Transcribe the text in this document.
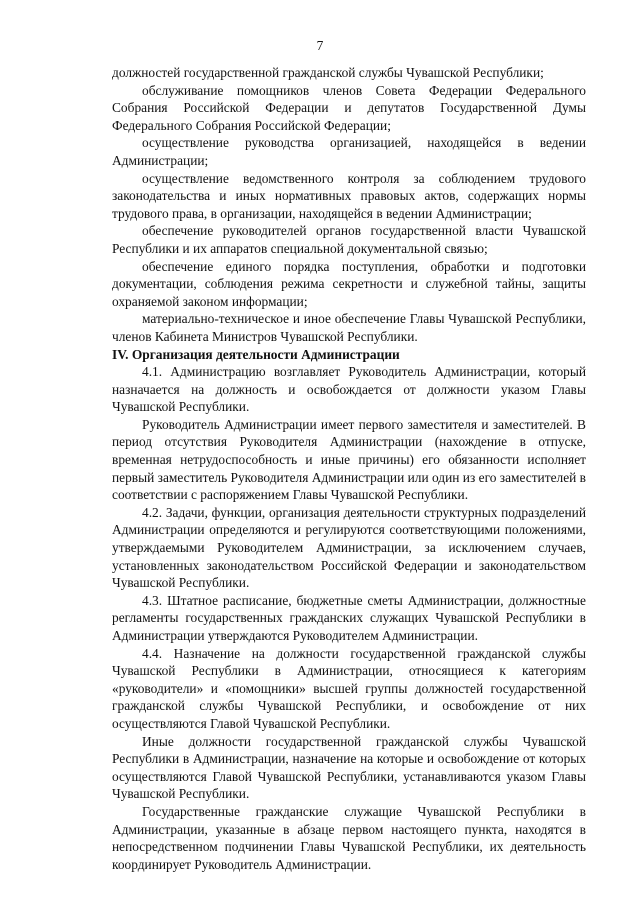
7

должностей государственной гражданской службы Чувашской Республики;

обслуживание помощников членов Совета Федерации Федерального Собрания Российской Федерации и депутатов Государственной Думы Федерального Собрания Российской Федерации;

осуществление руководства организацией, находящейся в ведении Администрации;

осуществление ведомственного контроля за соблюдением трудового законодательства и иных нормативных правовых актов, содержащих нормы трудового права, в организации, находящейся в ведении Администрации;

обеспечение руководителей органов государственной власти Чувашской Республики и их аппаратов специальной документальной связью;

обеспечение единого порядка поступления, обработки и подготовки документации, соблюдения режима секретности и служебной тайны, защиты охраняемой законом информации;

материально-техническое и иное обеспечение Главы Чувашской Республики, членов Кабинета Министров Чувашской Республики.

IV. Организация деятельности Администрации

4.1. Администрацию возглавляет Руководитель Администрации, который назначается на должность и освобождается от должности указом Главы Чувашской Республики.

Руководитель Администрации имеет первого заместителя и заместителей. В период отсутствия Руководителя Администрации (нахождение в отпуске, временная нетрудоспособность и иные причины) его обязанности исполняет первый заместитель Руководителя Администрации или один из его заместителей в соответствии с распоряжением Главы Чувашской Республики.

4.2. Задачи, функции, организация деятельности структурных подразделений Администрации определяются и регулируются соответствующими положениями, утверждаемыми Руководителем Администрации, за исключением случаев, установленных законодательством Российской Федерации и законодательством Чувашской Республики.

4.3. Штатное расписание, бюджетные сметы Администрации, должностные регламенты государственных гражданских служащих Чувашской Республики в Администрации утверждаются Руководителем Администрации.

4.4. Назначение на должности государственной гражданской службы Чувашской Республики в Администрации, относящиеся к категориям «руководители» и «помощники» высшей группы должностей государственной гражданской службы Чувашской Республики, и освобождение от них осуществляются Главой Чувашской Республики.

Иные должности государственной гражданской службы Чувашской Республики в Администрации, назначение на которые и освобождение от которых осуществляются Главой Чувашской Республики, устанавливаются указом Главы Чувашской Республики.

Государственные гражданские служащие Чувашской Республики в Администрации, указанные в абзаце первом настоящего пункта, находятся в непосредственном подчинении Главы Чувашской Республики, их деятельность координирует Руководитель Администрации.
